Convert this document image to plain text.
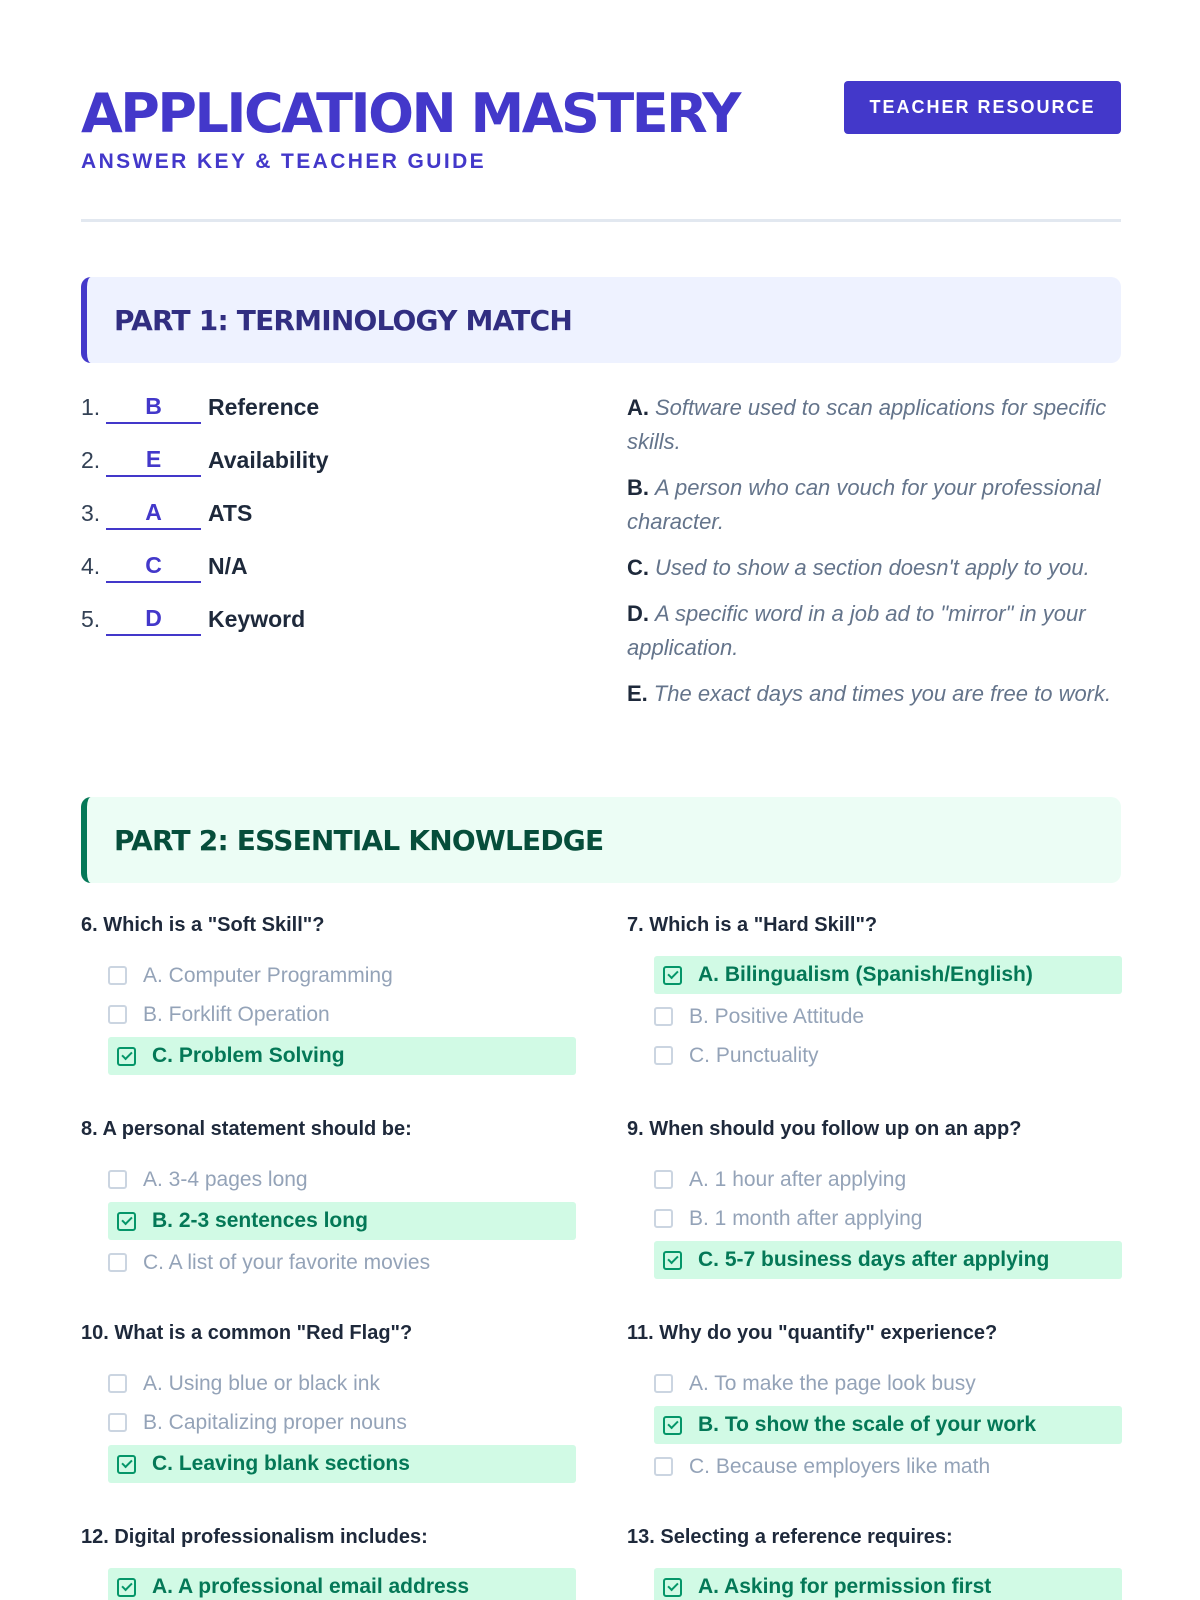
APPLICATION MASTERY
ANSWER KEY & TEACHER GUIDE
TEACHER RESOURCE
PART 1: TERMINOLOGY MATCH
1.	B	Reference
2.	E	Availability
3.	A	ATS
4.	C	N/A
5.	D	Keyword
A. Software used to scan applications for specific skills.
B. A person who can vouch for your professional character.
C. Used to show a section doesn't apply to you.
D. A specific word in a job ad to "mirror" in your application.
E. The exact days and times you are free to work.
PART 2: ESSENTIAL KNOWLEDGE
6. Which is a "Soft Skill"?
A. Computer Programming
B. Forklift Operation
C. Problem Solving
7. Which is a "Hard Skill"?
A. Bilingualism (Spanish/English)
B. Positive Attitude
C. Punctuality
8. A personal statement should be:
A. 3-4 pages long
B. 2-3 sentences long
C. A list of your favorite movies
9. When should you follow up on an app?
A. 1 hour after applying
B. 1 month after applying
C. 5-7 business days after applying
10. What is a common "Red Flag"?
A. Using blue or black ink
B. Capitalizing proper nouns
C. Leaving blank sections
11. Why do you "quantify" experience?
A. To make the page look busy
B. To show the scale of your work
C. Because employers like math
12. Digital professionalism includes:
A. A professional email address
13. Selecting a reference requires:
A. Asking for permission first
